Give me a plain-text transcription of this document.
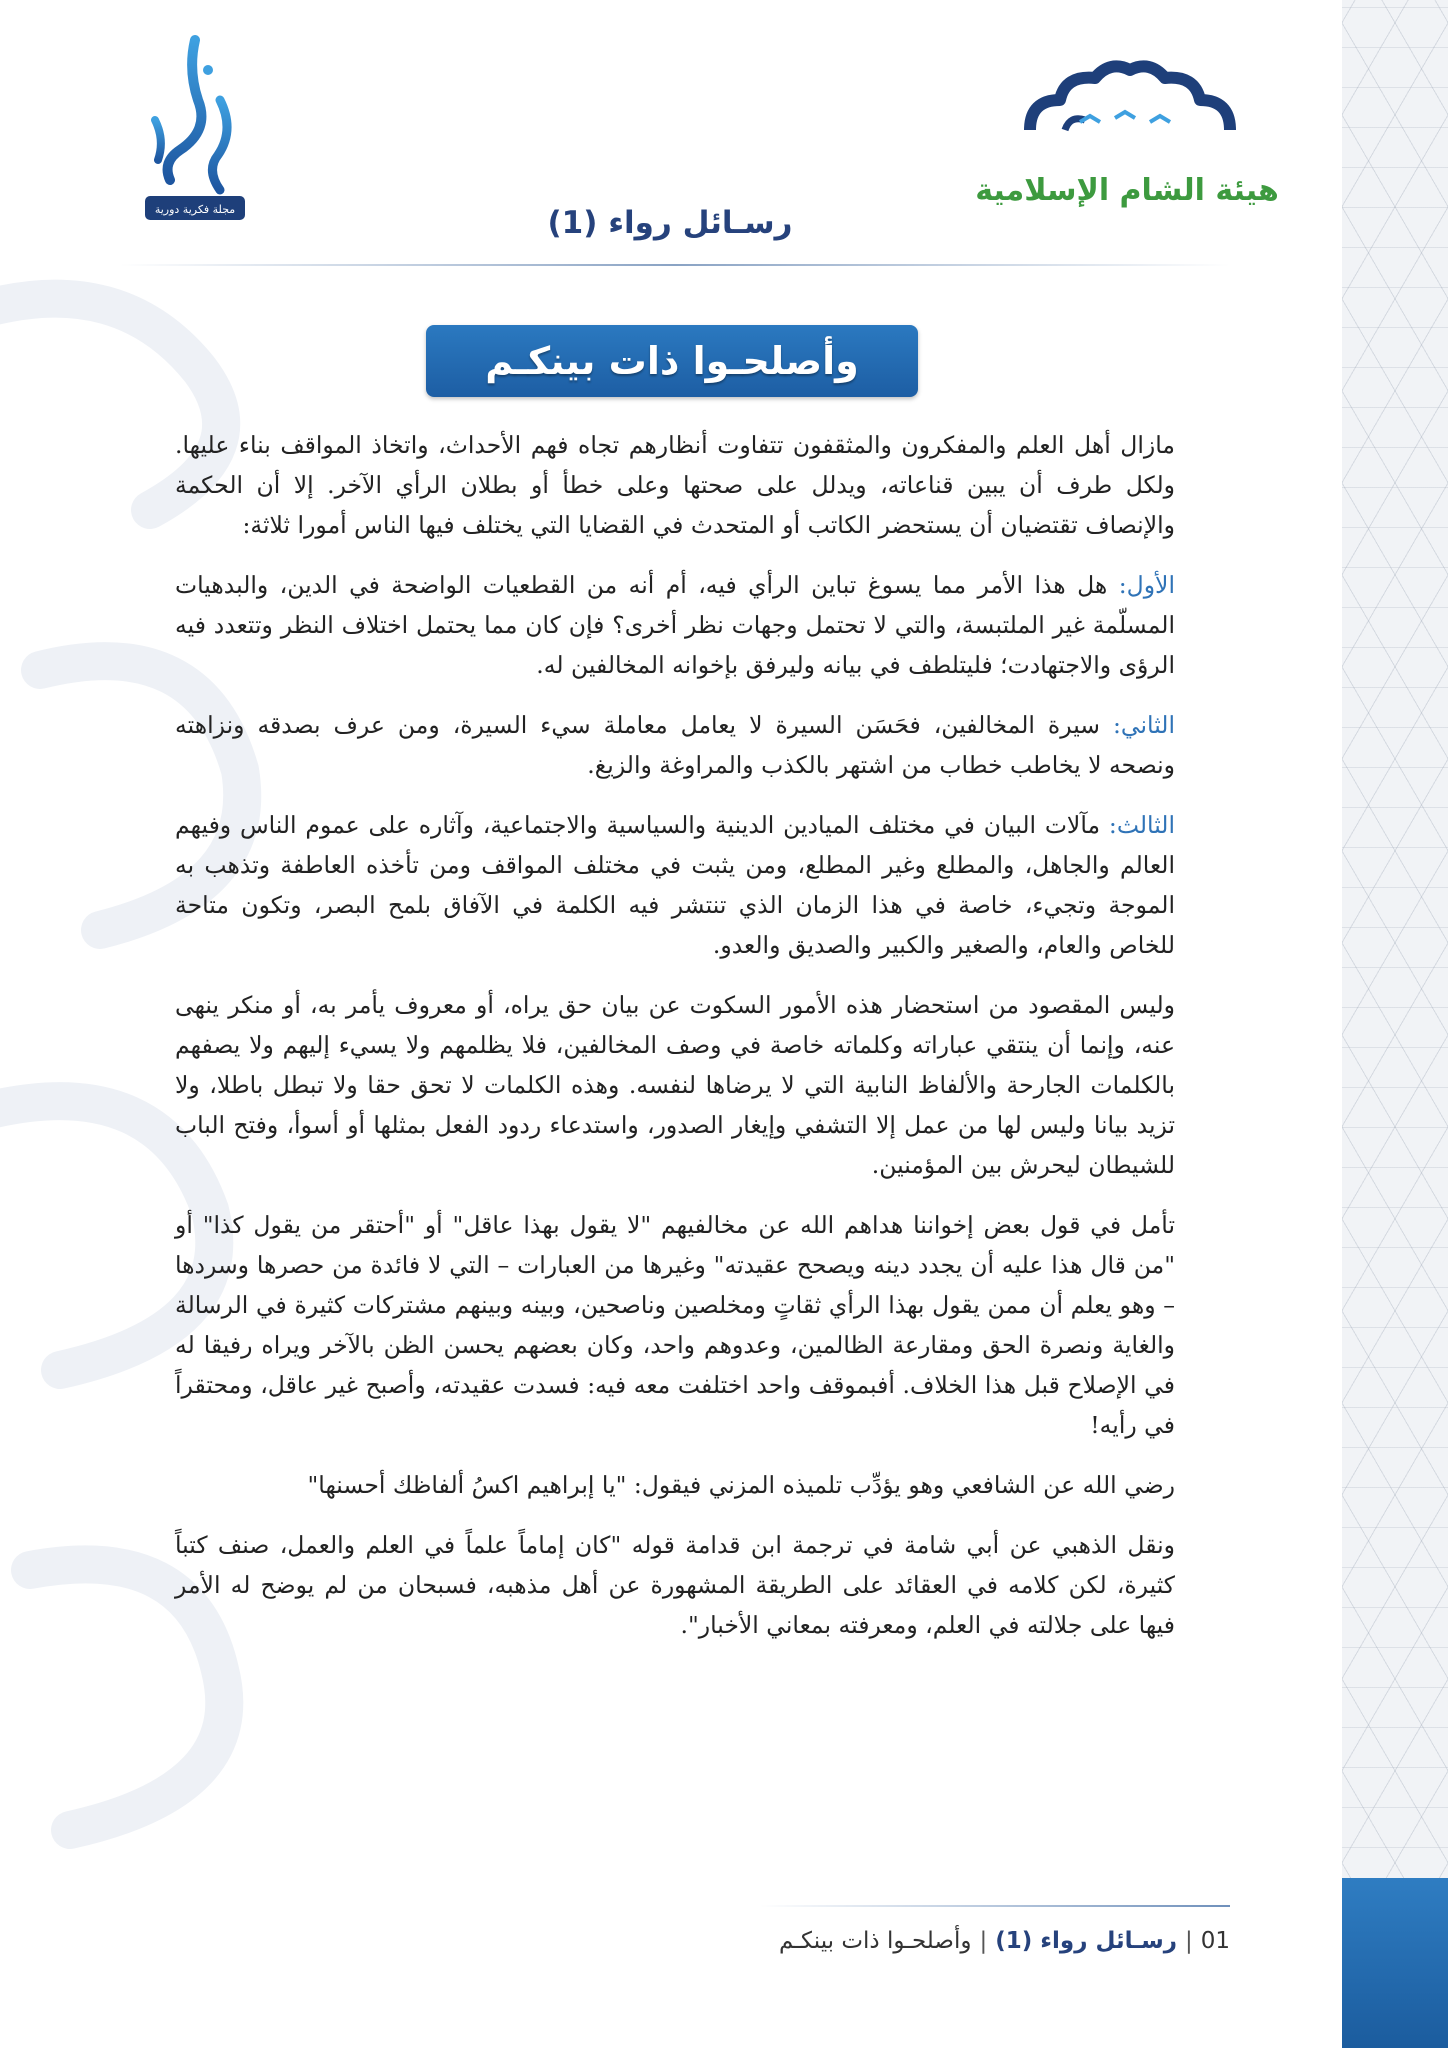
مجلة فكرية دورية
هيئة الشام الإسلامية
رسـائل رواء (1)
وأصلحـوا ذات بينكـم

مازال أهل العلم والمفكرون والمثقفون تتفاوت أنظارهم تجاه فهم الأحداث، واتخاذ المواقف بناء عليها. ولكل طرف أن يبين قناعاته، ويدلل على صحتها وعلى خطأ أو بطلان الرأي الآخر. إلا أن الحكمة والإنصاف تقتضيان أن يستحضر الكاتب أو المتحدث في القضايا التي يختلف فيها الناس أمورا ثلاثة:

الأول: هل هذا الأمر مما يسوغ تباين الرأي فيه، أم أنه من القطعيات الواضحة في الدين، والبدهيات المسلّمة غير الملتبسة، والتي لا تحتمل وجهات نظر أخرى؟ فإن كان مما يحتمل اختلاف النظر وتتعدد فيه الرؤى والاجتهادت؛ فليتلطف في بيانه وليرفق بإخوانه المخالفين له.

الثاني: سيرة المخالفين، فحَسَن السيرة لا يعامل معاملة سيء السيرة، ومن عرف بصدقه ونزاهته ونصحه لا يخاطب خطاب من اشتهر بالكذب والمراوغة والزيغ.

الثالث: مآلات البيان في مختلف الميادين الدينية والسياسية والاجتماعية، وآثاره على عموم الناس وفيهم العالم والجاهل، والمطلع وغير المطلع، ومن يثبت في مختلف المواقف ومن تأخذه العاطفة وتذهب به الموجة وتجيء، خاصة في هذا الزمان الذي تنتشر فيه الكلمة في الآفاق بلمح البصر، وتكون متاحة للخاص والعام، والصغير والكبير والصديق والعدو.

وليس المقصود من استحضار هذه الأمور السكوت عن بيان حق يراه، أو معروف يأمر به، أو منكر ينهى عنه، وإنما أن ينتقي عباراته وكلماته خاصة في وصف المخالفين، فلا يظلمهم ولا يسيء إليهم ولا يصفهم بالكلمات الجارحة والألفاظ النابية التي لا يرضاها لنفسه. وهذه الكلمات لا تحق حقا ولا تبطل باطلا، ولا تزيد بيانا وليس لها من عمل إلا التشفي وإيغار الصدور، واستدعاء ردود الفعل بمثلها أو أسوأ، وفتح الباب للشيطان ليحرش بين المؤمنين.

تأمل في قول بعض إخواننا هداهم الله عن مخالفيهم "لا يقول بهذا عاقل" أو "أحتقر من يقول كذا" أو "من قال هذا عليه أن يجدد دينه ويصحح عقيدته" وغيرها من العبارات – التي لا فائدة من حصرها وسردها – وهو يعلم أن ممن يقول بهذا الرأي ثقاتٍ ومخلصين وناصحين، وبينه وبينهم مشتركات كثيرة في الرسالة والغاية ونصرة الحق ومقارعة الظالمين، وعدوهم واحد، وكان بعضهم يحسن الظن بالآخر ويراه رفيقا له في الإصلاح قبل هذا الخلاف. أفبموقف واحد اختلفت معه فيه: فسدت عقيدته، وأصبح غير عاقل، ومحتقراً في رأيه!

رضي الله عن الشافعي وهو يؤدِّب تلميذه المزني فيقول: "يا إبراهيم اكسُ ألفاظك أحسنها"

ونقل الذهبي عن أبي شامة في ترجمة ابن قدامة قوله "كان إماماً علماً في العلم والعمل، صنف كتباً كثيرة، لكن كلامه في العقائد على الطريقة المشهورة عن أهل مذهبه، فسبحان من لم يوضح له الأمر فيها على جلالته في العلم، ومعرفته بمعاني الأخبار".

01|رسـائل رواء (1)|وأصلحـوا ذات بينكـم
